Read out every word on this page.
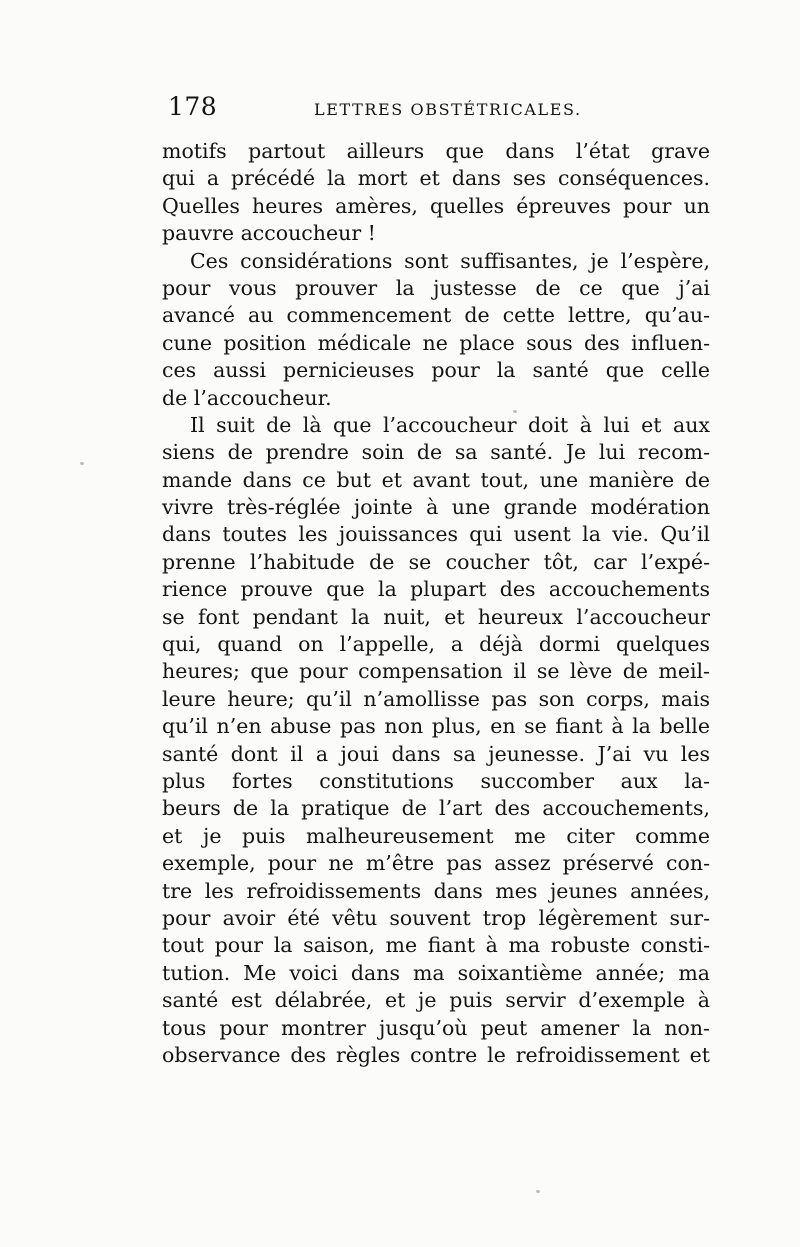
178	LETTRES OBSTÉTRICALES.
motifs partout ailleurs que dans l’état grave
qui a précédé la mort et dans ses conséquences.
Quelles heures amères, quelles épreuves pour un
pauvre accoucheur !
Ces considérations sont suffisantes, je l’espère,
pour vous prouver la justesse de ce que j’ai
avancé au commencement de cette lettre, qu’au-
cune position médicale ne place sous des influen-
ces aussi pernicieuses pour la santé que celle
de l’accoucheur.
Il suit de là que l’accoucheur doit à lui et aux
siens de prendre soin de sa santé. Je lui recom-
mande dans ce but et avant tout, une manière de
vivre très-réglée jointe à une grande modération
dans toutes les jouissances qui usent la vie. Qu’il
prenne l’habitude de se coucher tôt, car l’expé-
rience prouve que la plupart des accouchements
se font pendant la nuit, et heureux l’accoucheur
qui, quand on l’appelle, a déjà dormi quelques
heures; que pour compensation il se lève de meil-
leure heure; qu’il n’amollisse pas son corps, mais
qu’il n’en abuse pas non plus, en se fiant à la belle
santé dont il a joui dans sa jeunesse. J’ai vu les
plus fortes constitutions succomber aux la-
beurs de la pratique de l’art des accouchements,
et je puis malheureusement me citer comme
exemple, pour ne m’être pas assez préservé con-
tre les refroidissements dans mes jeunes années,
pour avoir été vêtu souvent trop légèrement sur-
tout pour la saison, me fiant à ma robuste consti-
tution. Me voici dans ma soixantième année; ma
santé est délabrée, et je puis servir d’exemple à
tous pour montrer jusqu’où peut amener la non-
observance des règles contre le refroidissement et
